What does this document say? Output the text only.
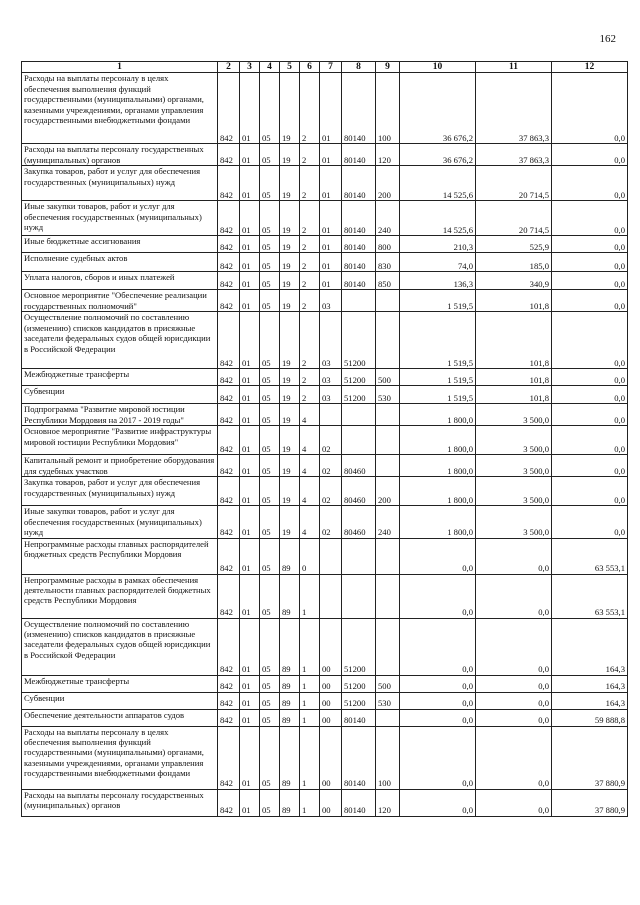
162
1	2	3	4	5	6	7	8	9	10	11	12
Расходы на выплаты персоналу в целях обеспечения выполнения функций государственными (муниципальными) органами, казенными учреждениями, органами управления государственными внебюджетными фондами	842	01	05	19	2	01	80140	100	36 676,2	37 863,3	0,0
Расходы на выплаты персоналу государственных (муниципальных) органов	842	01	05	19	2	01	80140	120	36 676,2	37 863,3	0,0
Закупка товаров, работ и услуг для обеспечения государственных (муниципальных) нужд	842	01	05	19	2	01	80140	200	14 525,6	20 714,5	0,0
Иные закупки товаров, работ и услуг для обеспечения государственных (муниципальных) нужд	842	01	05	19	2	01	80140	240	14 525,6	20 714,5	0,0
Иные бюджетные ассигнования	842	01	05	19	2	01	80140	800	210,3	525,9	0,0
Исполнение судебных актов	842	01	05	19	2	01	80140	830	74,0	185,0	0,0
Уплата налогов, сборов и иных платежей	842	01	05	19	2	01	80140	850	136,3	340,9	0,0
Основное мероприятие "Обеспечение реализации государственных полномочий"	842	01	05	19	2	03			1 519,5	101,8	0,0
Осуществление полномочий по составлению (изменению) списков кандидатов в присяжные заседатели федеральных судов общей юрисдикции в Российской Федерации	842	01	05	19	2	03	51200		1 519,5	101,8	0,0
Межбюджетные трансферты	842	01	05	19	2	03	51200	500	1 519,5	101,8	0,0
Субвенции	842	01	05	19	2	03	51200	530	1 519,5	101,8	0,0
Подпрограмма "Развитие мировой юстиции Республики Мордовия на 2017 - 2019 годы"	842	01	05	19	4				1 800,0	3 500,0	0,0
Основное мероприятие "Развитие инфраструктуры мировой юстиции Республики Мордовия"	842	01	05	19	4	02			1 800,0	3 500,0	0,0
Капитальный ремонт и приобретение оборудования для судебных участков	842	01	05	19	4	02	80460		1 800,0	3 500,0	0,0
Закупка товаров, работ и услуг для обеспечения государственных (муниципальных) нужд	842	01	05	19	4	02	80460	200	1 800,0	3 500,0	0,0
Иные закупки товаров, работ и услуг для обеспечения государственных (муниципальных) нужд	842	01	05	19	4	02	80460	240	1 800,0	3 500,0	0,0
Непрограммные расходы главных распорядителей бюджетных средств Республики Мордовия	842	01	05	89	0				0,0	0,0	63 553,1
Непрограммные расходы в рамках обеспечения деятельности главных распорядителей бюджетных средств Республики Мордовия	842	01	05	89	1				0,0	0,0	63 553,1
Осуществление полномочий по составлению (изменению) списков кандидатов в присяжные заседатели федеральных судов общей юрисдикции в Российской Федерации	842	01	05	89	1	00	51200		0,0	0,0	164,3
Межбюджетные трансферты	842	01	05	89	1	00	51200	500	0,0	0,0	164,3
Субвенции	842	01	05	89	1	00	51200	530	0,0	0,0	164,3
Обеспечение деятельности аппаратов судов	842	01	05	89	1	00	80140		0,0	0,0	59 888,8
Расходы на выплаты персоналу в целях обеспечения выполнения функций государственными (муниципальными) органами, казенными учреждениями, органами управления государственными внебюджетными фондами	842	01	05	89	1	00	80140	100	0,0	0,0	37 880,9
Расходы на выплаты персоналу государственных (муниципальных) органов	842	01	05	89	1	00	80140	120	0,0	0,0	37 880,9
